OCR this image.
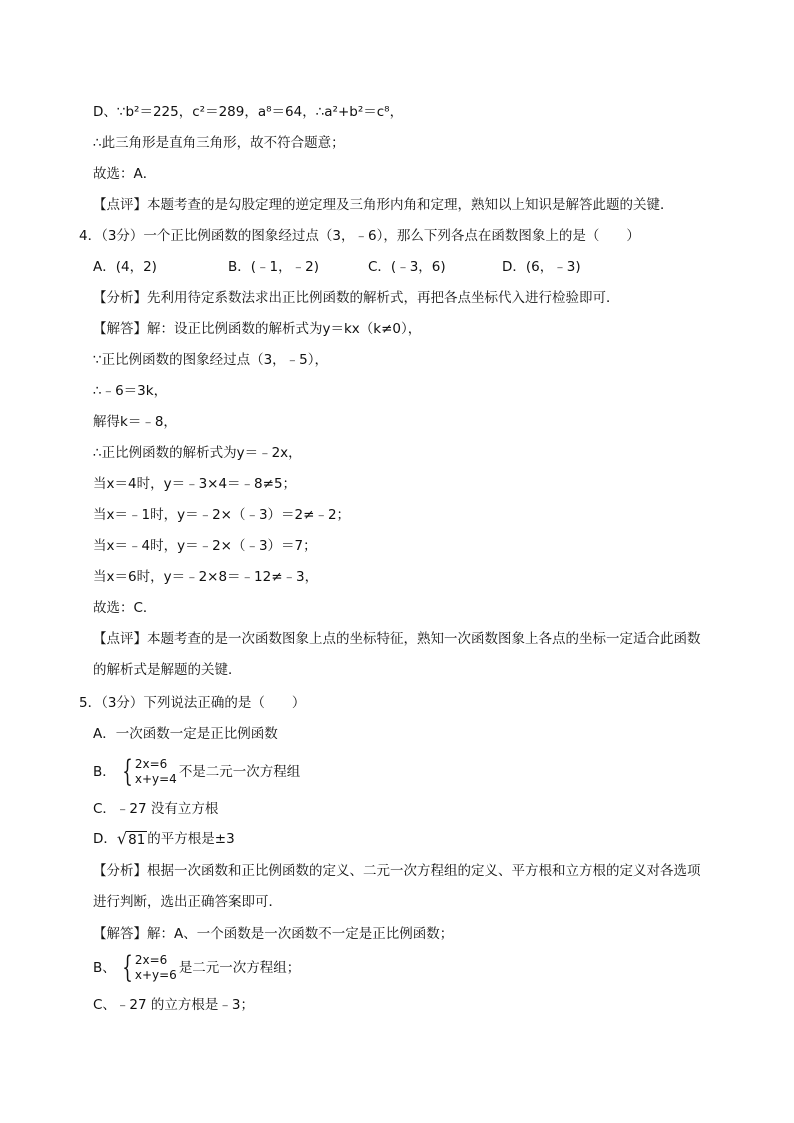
D、∵b²＝225，c²＝289，a⁸＝64，∴a²+b²＝c⁸，
∴此三角形是直角三角形，故不符合题意；
故选：A．
【点评】本题考查的是勾股定理的逆定理及三角形内角和定理，熟知以上知识是解答此题的关键．
4．（3分）一个正比例函数的图象经过点（3，﹣6），那么下列各点在函数图象上的是（　　）
A．(4，2)	B．(﹣1，﹣2)	C．(﹣3，6)	D．(6，﹣3)
【分析】先利用待定系数法求出正比例函数的解析式，再把各点坐标代入进行检验即可．
【解答】解：设正比例函数的解析式为y＝kx（k≠0），
∵正比例函数的图象经过点（3，﹣5），
∴﹣6＝3k，
解得k＝﹣8，
∴正比例函数的解析式为y＝﹣2x，
当x＝4时，y＝﹣3×4＝﹣8≠5；
当x＝﹣1时，y＝﹣2×（﹣3）＝2≠﹣2；
当x＝﹣4时，y＝﹣2×（﹣3）＝7；
当x＝6时，y＝﹣2×8＝﹣12≠﹣3，
故选：C．
【点评】本题考查的是一次函数图象上点的坐标特征，熟知一次函数图象上各点的坐标一定适合此函数
的解析式是解题的关键．
5．（3分）下列说法正确的是（　　）
A．一次函数一定是正比例函数
B． { 2x=6
x+y=4 不是二元一次方程组
C．﹣27 没有立方根
D．√81 的平方根是±3
【分析】根据一次函数和正比例函数的定义、二元一次方程组的定义、平方根和立方根的定义对各选项
进行判断，选出正确答案即可．
【解答】解：A、一个函数是一次函数不一定是正比例函数；
B、 { 2x=6
x+y=6 是二元一次方程组；
C、﹣27 的立方根是﹣3；
